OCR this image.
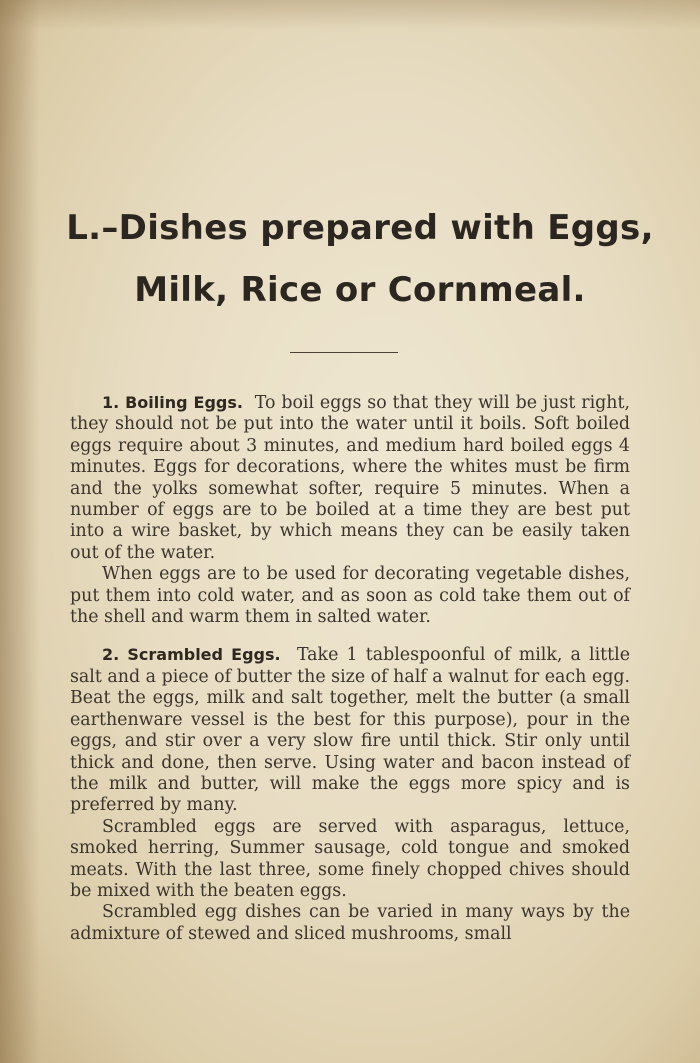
L.–Dishes prepared with Eggs,
Milk, Rice or Cornmeal.

1. Boiling Eggs. To boil eggs so that they will be just right, they should not be put into the water until it boils. Soft boiled eggs require about 3 minutes, and medium hard boiled eggs 4 minutes. Eggs for decorations, where the whites must be firm and the yolks somewhat softer, require 5 minutes. When a number of eggs are to be boiled at a time they are best put into a wire basket, by which means they can be easily taken out of the water.

When eggs are to be used for decorating vegetable dishes, put them into cold water, and as soon as cold take them out of the shell and warm them in salted water.

2. Scrambled Eggs. Take 1 tablespoonful of milk, a little salt and a piece of butter the size of half a walnut for each egg. Beat the eggs, milk and salt together, melt the butter (a small earthenware vessel is the best for this purpose), pour in the eggs, and stir over a very slow fire until thick. Stir only until thick and done, then serve. Using water and bacon instead of the milk and butter, will make the eggs more spicy and is preferred by many.

Scrambled eggs are served with asparagus, lettuce, smoked herring, Summer sausage, cold tongue and smoked meats. With the last three, some finely chopped chives should be mixed with the beaten eggs.

Scrambled egg dishes can be varied in many ways by the admixture of stewed and sliced mushrooms, small
